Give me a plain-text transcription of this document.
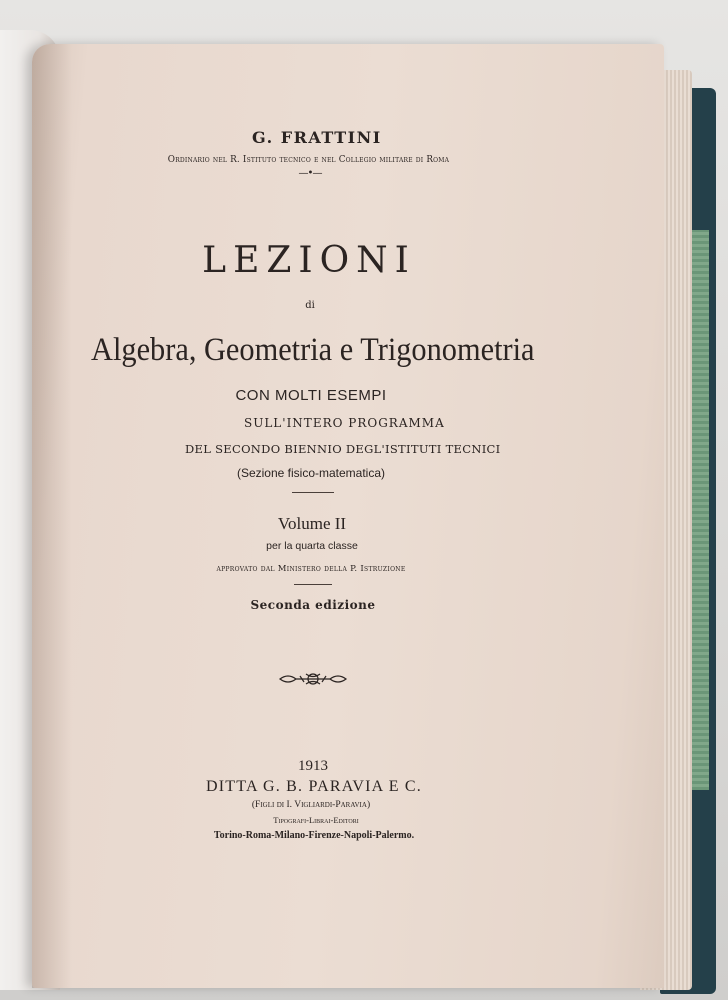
G. FRATTINI
Ordinario nel R. Istituto tecnico e nel Collegio militare di Roma
—•—
LEZIONI
di
Algebra, Geometria e Trigonometria
CON MOLTI ESEMPI
SULL'INTERO PROGRAMMA
DEL SECONDO BIENNIO DEGL'ISTITUTI TECNICI
(Sezione fisico-matematica)
Volume II
per la quarta classe
approvato dal Ministero della P. Istruzione
Seconda edizione
1913
DITTA G. B. PARAVIA E C.
(Figli di I. Vigliardi-Paravia)
Tipografi-Librai-Editori
Torino-Roma-Milano-Firenze-Napoli-Palermo.
